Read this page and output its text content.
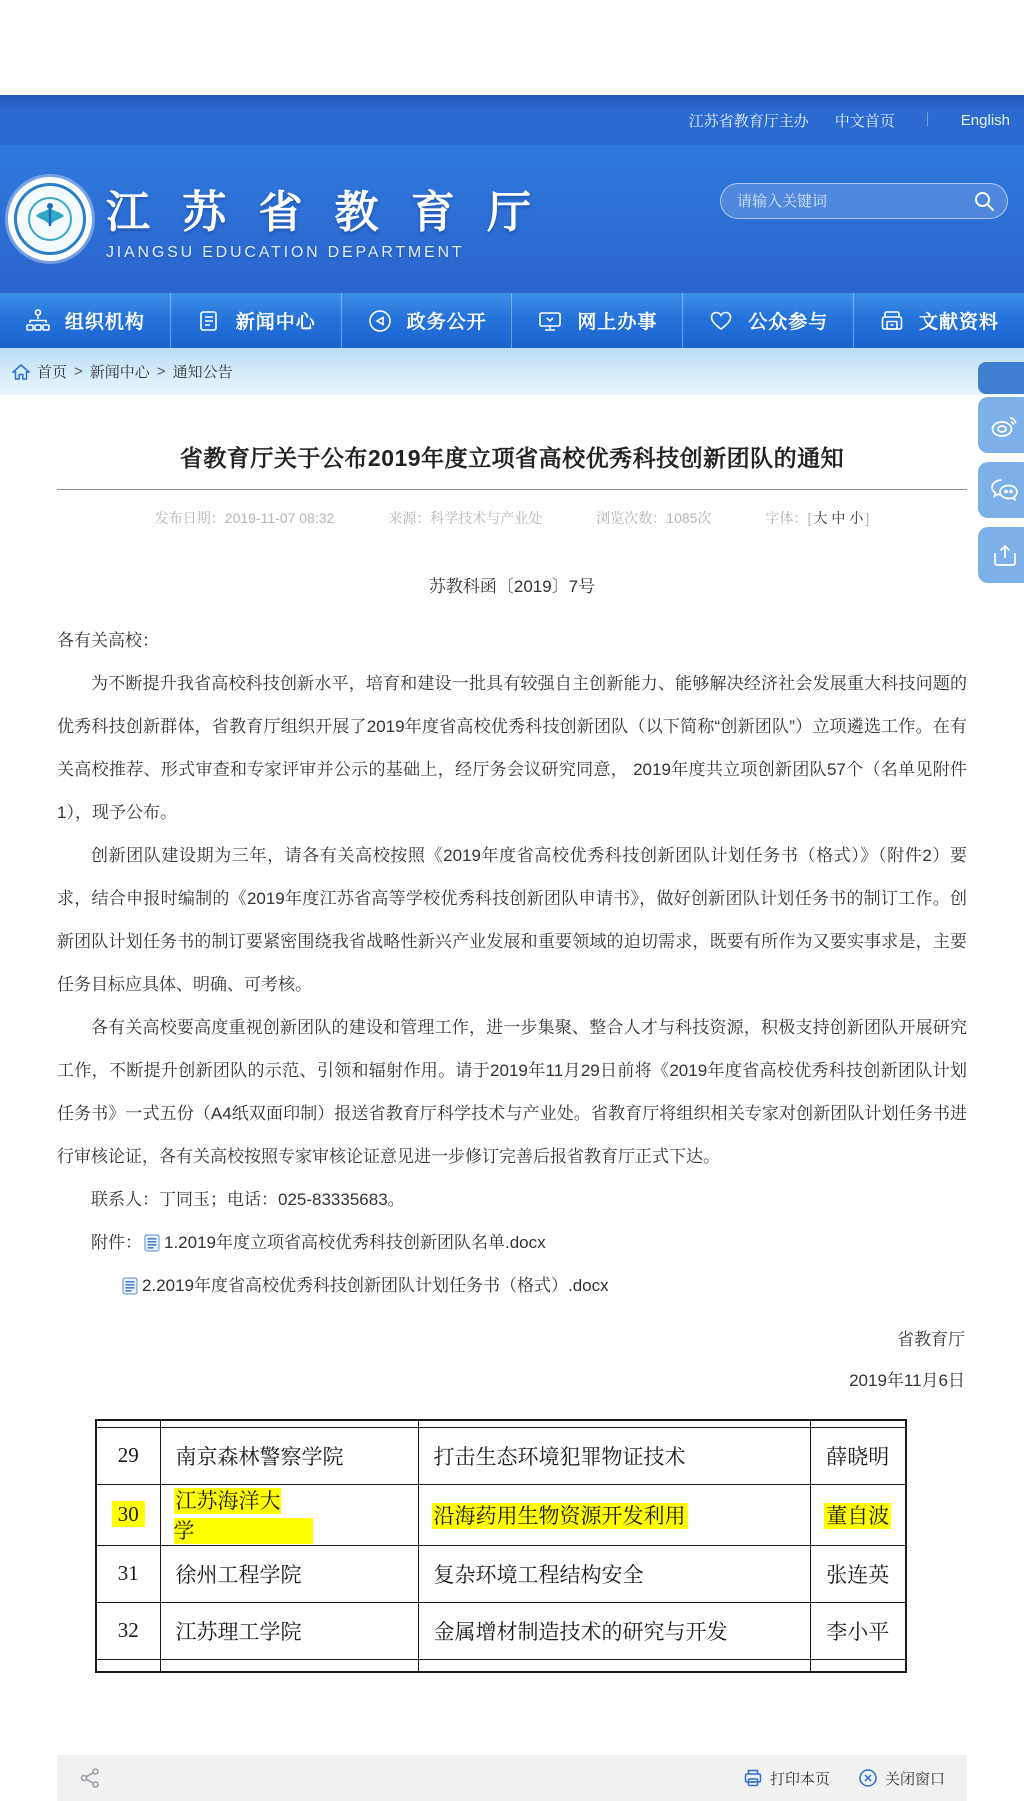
江苏省教育厅主办 中文首页 ｜ English
江 苏 省 教 育 厅
JIANGSU EDUCATION DEPARTMENT
请输入关键词
组织机构	新闻中心	政务公开	网上办事	公众参与	文献资料
首页 > 新闻中心 > 通知公告
省教育厅关于公布2019年度立项省高校优秀科技创新团队的通知
发布日期：2019-11-07 08:32	来源：科学技术与产业处	浏览次数：1085次	字体：[ 大 中 小 ]
苏教科函〔2019〕7号

各有关高校：

为不断提升我省高校科技创新水平，培育和建设一批具有较强自主创新能力、能够解决经济社会发展重大科技问题的优秀科技创新群体，省教育厅组织开展了2019年度省高校优秀科技创新团队（以下简称“创新团队”）立项遴选工作。在有关高校推荐、形式审查和专家评审并公示的基础上，经厅务会议研究同意， 2019年度共立项创新团队57个（名单见附件1），现予公布。

创新团队建设期为三年，请各有关高校按照《2019年度省高校优秀科技创新团队计划任务书（格式）》（附件2）要求，结合申报时编制的《2019年度江苏省高等学校优秀科技创新团队申请书》，做好创新团队计划任务书的制订工作。创新团队计划任务书的制订要紧密围绕我省战略性新兴产业发展和重要领域的迫切需求，既要有所作为又要实事求是，主要任务目标应具体、明确、可考核。

各有关高校要高度重视创新团队的建设和管理工作，进一步集聚、整合人才与科技资源，积极支持创新团队开展研究工作，不断提升创新团队的示范、引领和辐射作用。请于2019年11月29日前将《2019年度省高校优秀科技创新团队计划任务书》一式五份（A4纸双面印制）报送省教育厅科学技术与产业处。省教育厅将组织相关专家对创新团队计划任务书进行审核论证，各有关高校按照专家审核论证意见进一步修订完善后报省教育厅正式下达。

联系人：丁同玉；电话：025-83335683。

附件： 1.2019年度立项省高校优秀科技创新团队名单.docx
2.2019年度省高校优秀科技创新团队计划任务书（格式）.docx
省教育厅
2019年11月6日

29	南京森林警察学院	打击生态环境犯罪物证技术	薛晓明
30	江苏海洋大学	沿海药用生物资源开发利用	董自波
31	徐州工程学院	复杂环境工程结构安全	张连英
32	江苏理工学院	金属增材制造技术的研究与开发	李小平

打印本页	关闭窗口
